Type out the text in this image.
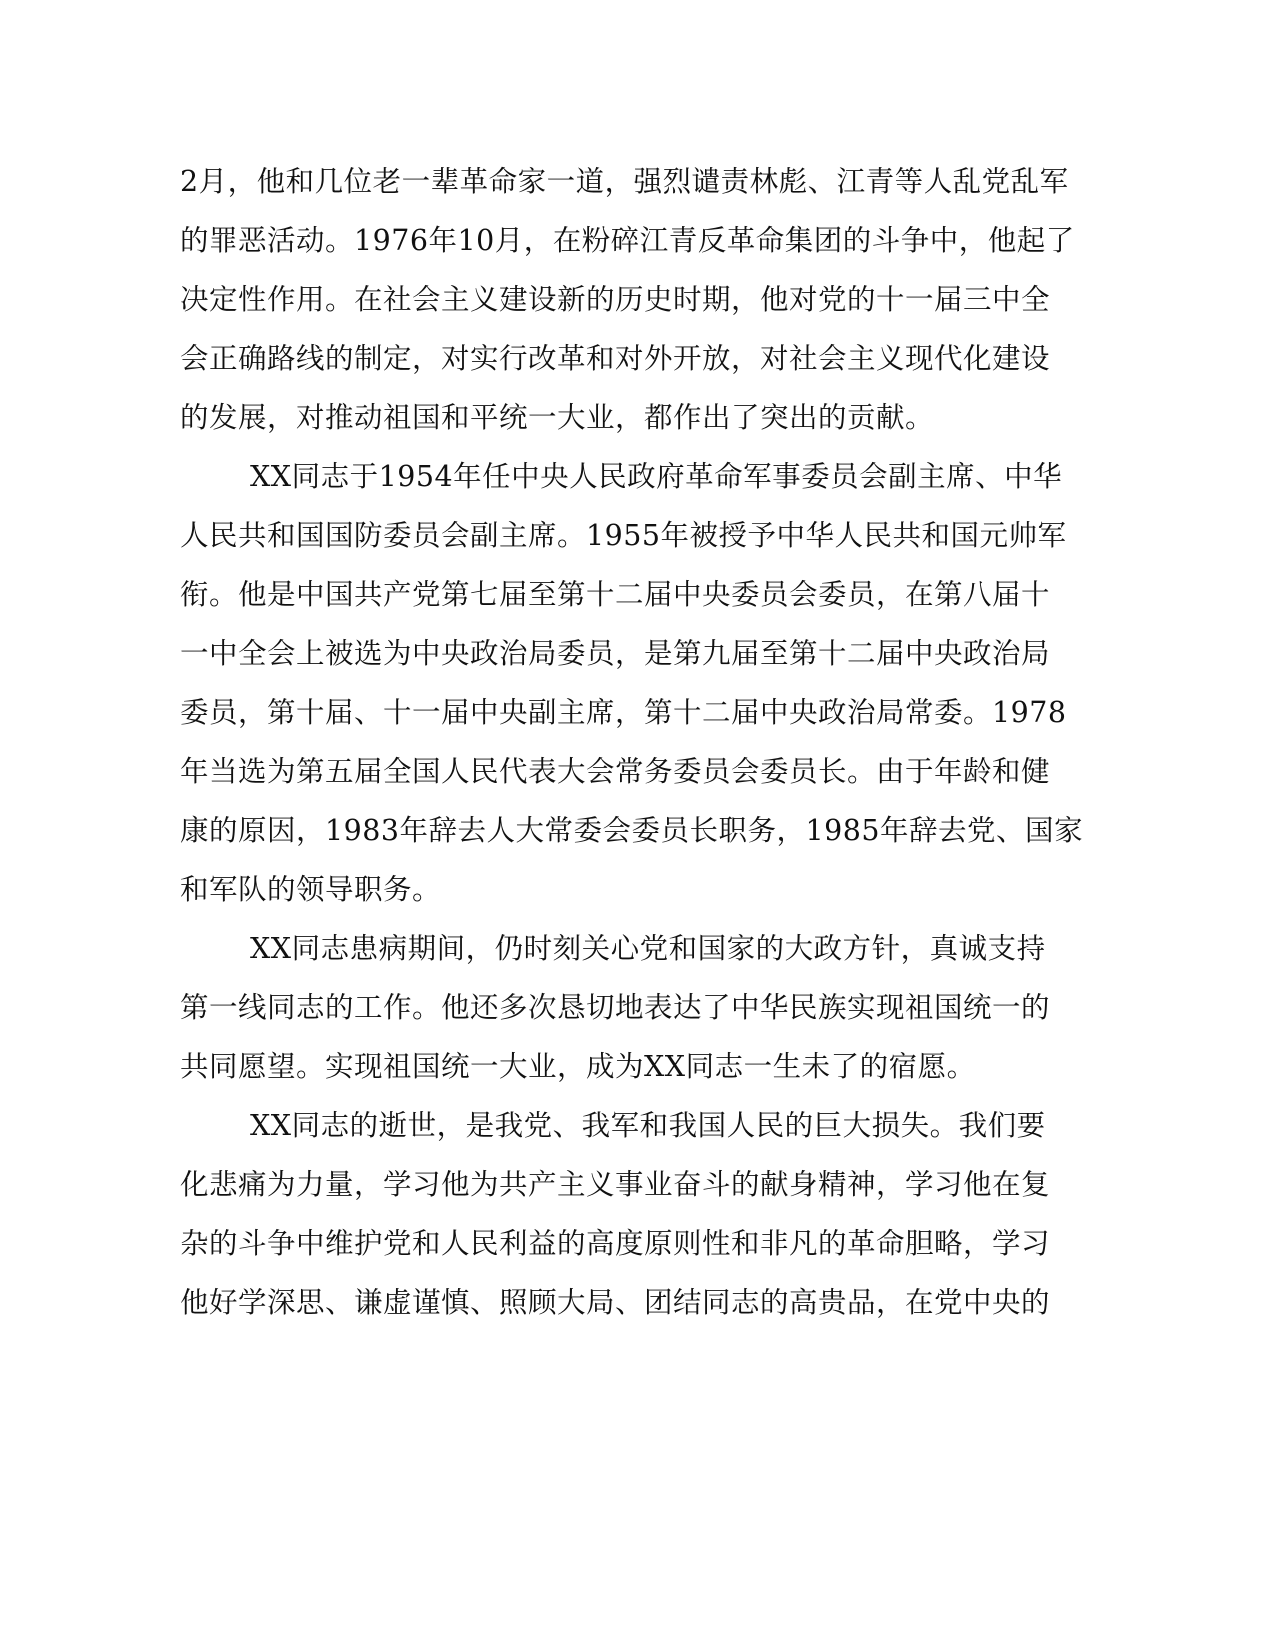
2月，他和几位老一辈革命家一道，强烈谴责林彪、江青等人乱党乱军
的罪恶活动。1976年10月，在粉碎江青反革命集团的斗争中，他起了
决定性作用。在社会主义建设新的历史时期，他对党的十一届三中全
会正确路线的制定，对实行改革和对外开放，对社会主义现代化建设
的发展，对推动祖国和平统一大业，都作出了突出的贡献。
XX同志于1954年任中央人民政府革命军事委员会副主席、中华
人民共和国国防委员会副主席。1955年被授予中华人民共和国元帅军
衔。他是中国共产党第七届至第十二届中央委员会委员，在第八届十
一中全会上被选为中央政治局委员，是第九届至第十二届中央政治局
委员，第十届、十一届中央副主席，第十二届中央政治局常委。1978
年当选为第五届全国人民代表大会常务委员会委员长。由于年龄和健
康的原因，1983年辞去人大常委会委员长职务，1985年辞去党、国家
和军队的领导职务。
XX同志患病期间，仍时刻关心党和国家的大政方针，真诚支持
第一线同志的工作。他还多次恳切地表达了中华民族实现祖国统一的
共同愿望。实现祖国统一大业，成为XX同志一生未了的宿愿。
XX同志的逝世，是我党、我军和我国人民的巨大损失。我们要
化悲痛为力量，学习他为共产主义事业奋斗的献身精神，学习他在复
杂的斗争中维护党和人民利益的高度原则性和非凡的革命胆略，学习
他好学深思、谦虚谨慎、照顾大局、团结同志的高贵品，在党中央的
